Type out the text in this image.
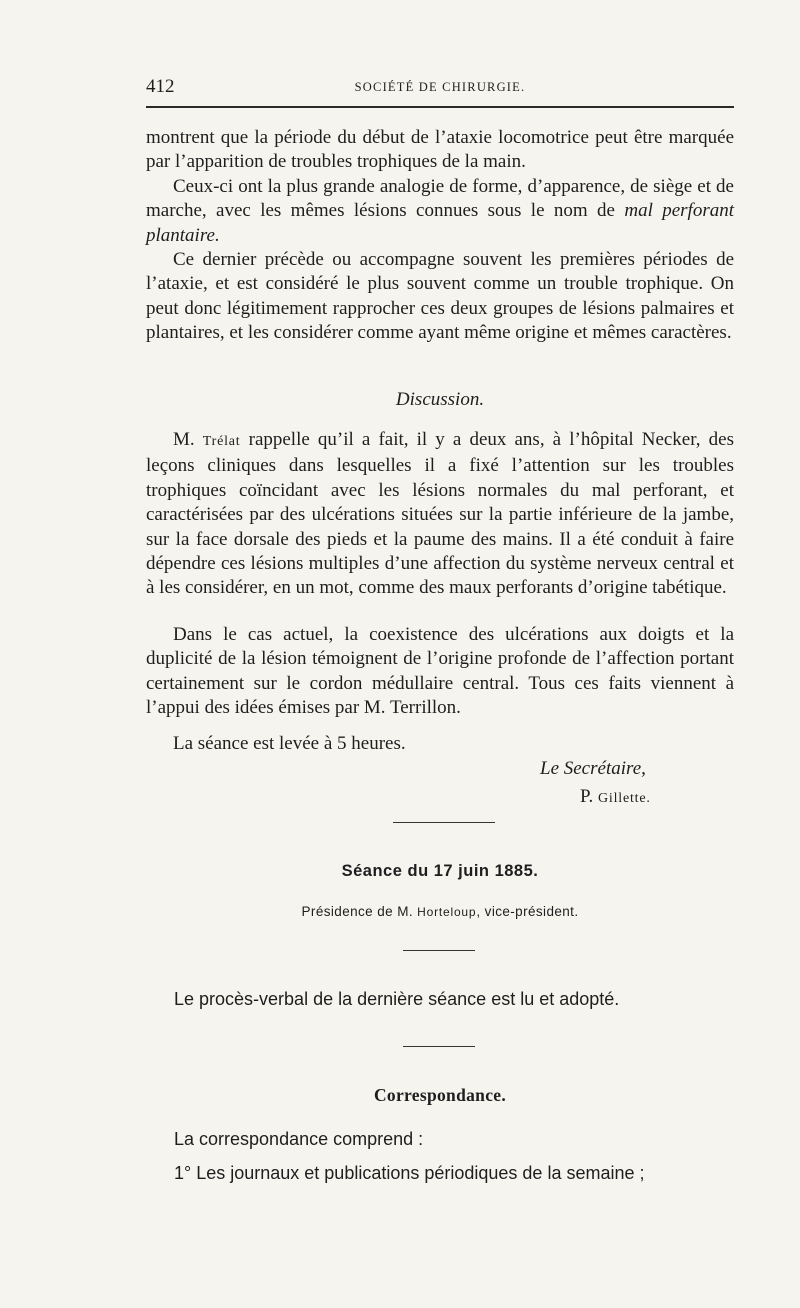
412	SOCIÉTÉ DE CHIRURGIE.

montrent que la période du début de l’ataxie locomotrice peut être marquée par l’apparition de troubles trophiques de la main.

Ceux-ci ont la plus grande analogie de forme, d’apparence, de siège et de marche, avec les mêmes lésions connues sous le nom de mal perforant plantaire.

Ce dernier précède ou accompagne souvent les premières périodes de l’ataxie, et est considéré le plus souvent comme un trouble trophique. On peut donc légitimement rapprocher ces deux groupes de lésions palmaires et plantaires, et les considérer comme ayant même origine et mêmes caractères.

Discussion.

M. Trélat rappelle qu’il a fait, il y a deux ans, à l’hôpital Necker, des leçons cliniques dans lesquelles il a fixé l’attention sur les troubles trophiques coïncidant avec les lésions normales du mal perforant, et caractérisées par des ulcérations situées sur la partie inférieure de la jambe, sur la face dorsale des pieds et la paume des mains. Il a été conduit à faire dépendre ces lésions multiples d’une affection du système nerveux central et à les considérer, en un mot, comme des maux perforants d’origine tabétique.

Dans le cas actuel, la coexistence des ulcérations aux doigts et la duplicité de la lésion témoignent de l’origine profonde de l’affection portant certainement sur le cordon médullaire central. Tous ces faits viennent à l’appui des idées émises par M. Terrillon.

La séance est levée à 5 heures.

Le Secrétaire,
P. Gillette.
Séance du 17 juin 1885.
Présidence de M. Horteloup, vice-président.
Le procès-verbal de la dernière séance est lu et adopté.
Correspondance.
La correspondance comprend :
1° Les journaux et publications périodiques de la semaine ;
